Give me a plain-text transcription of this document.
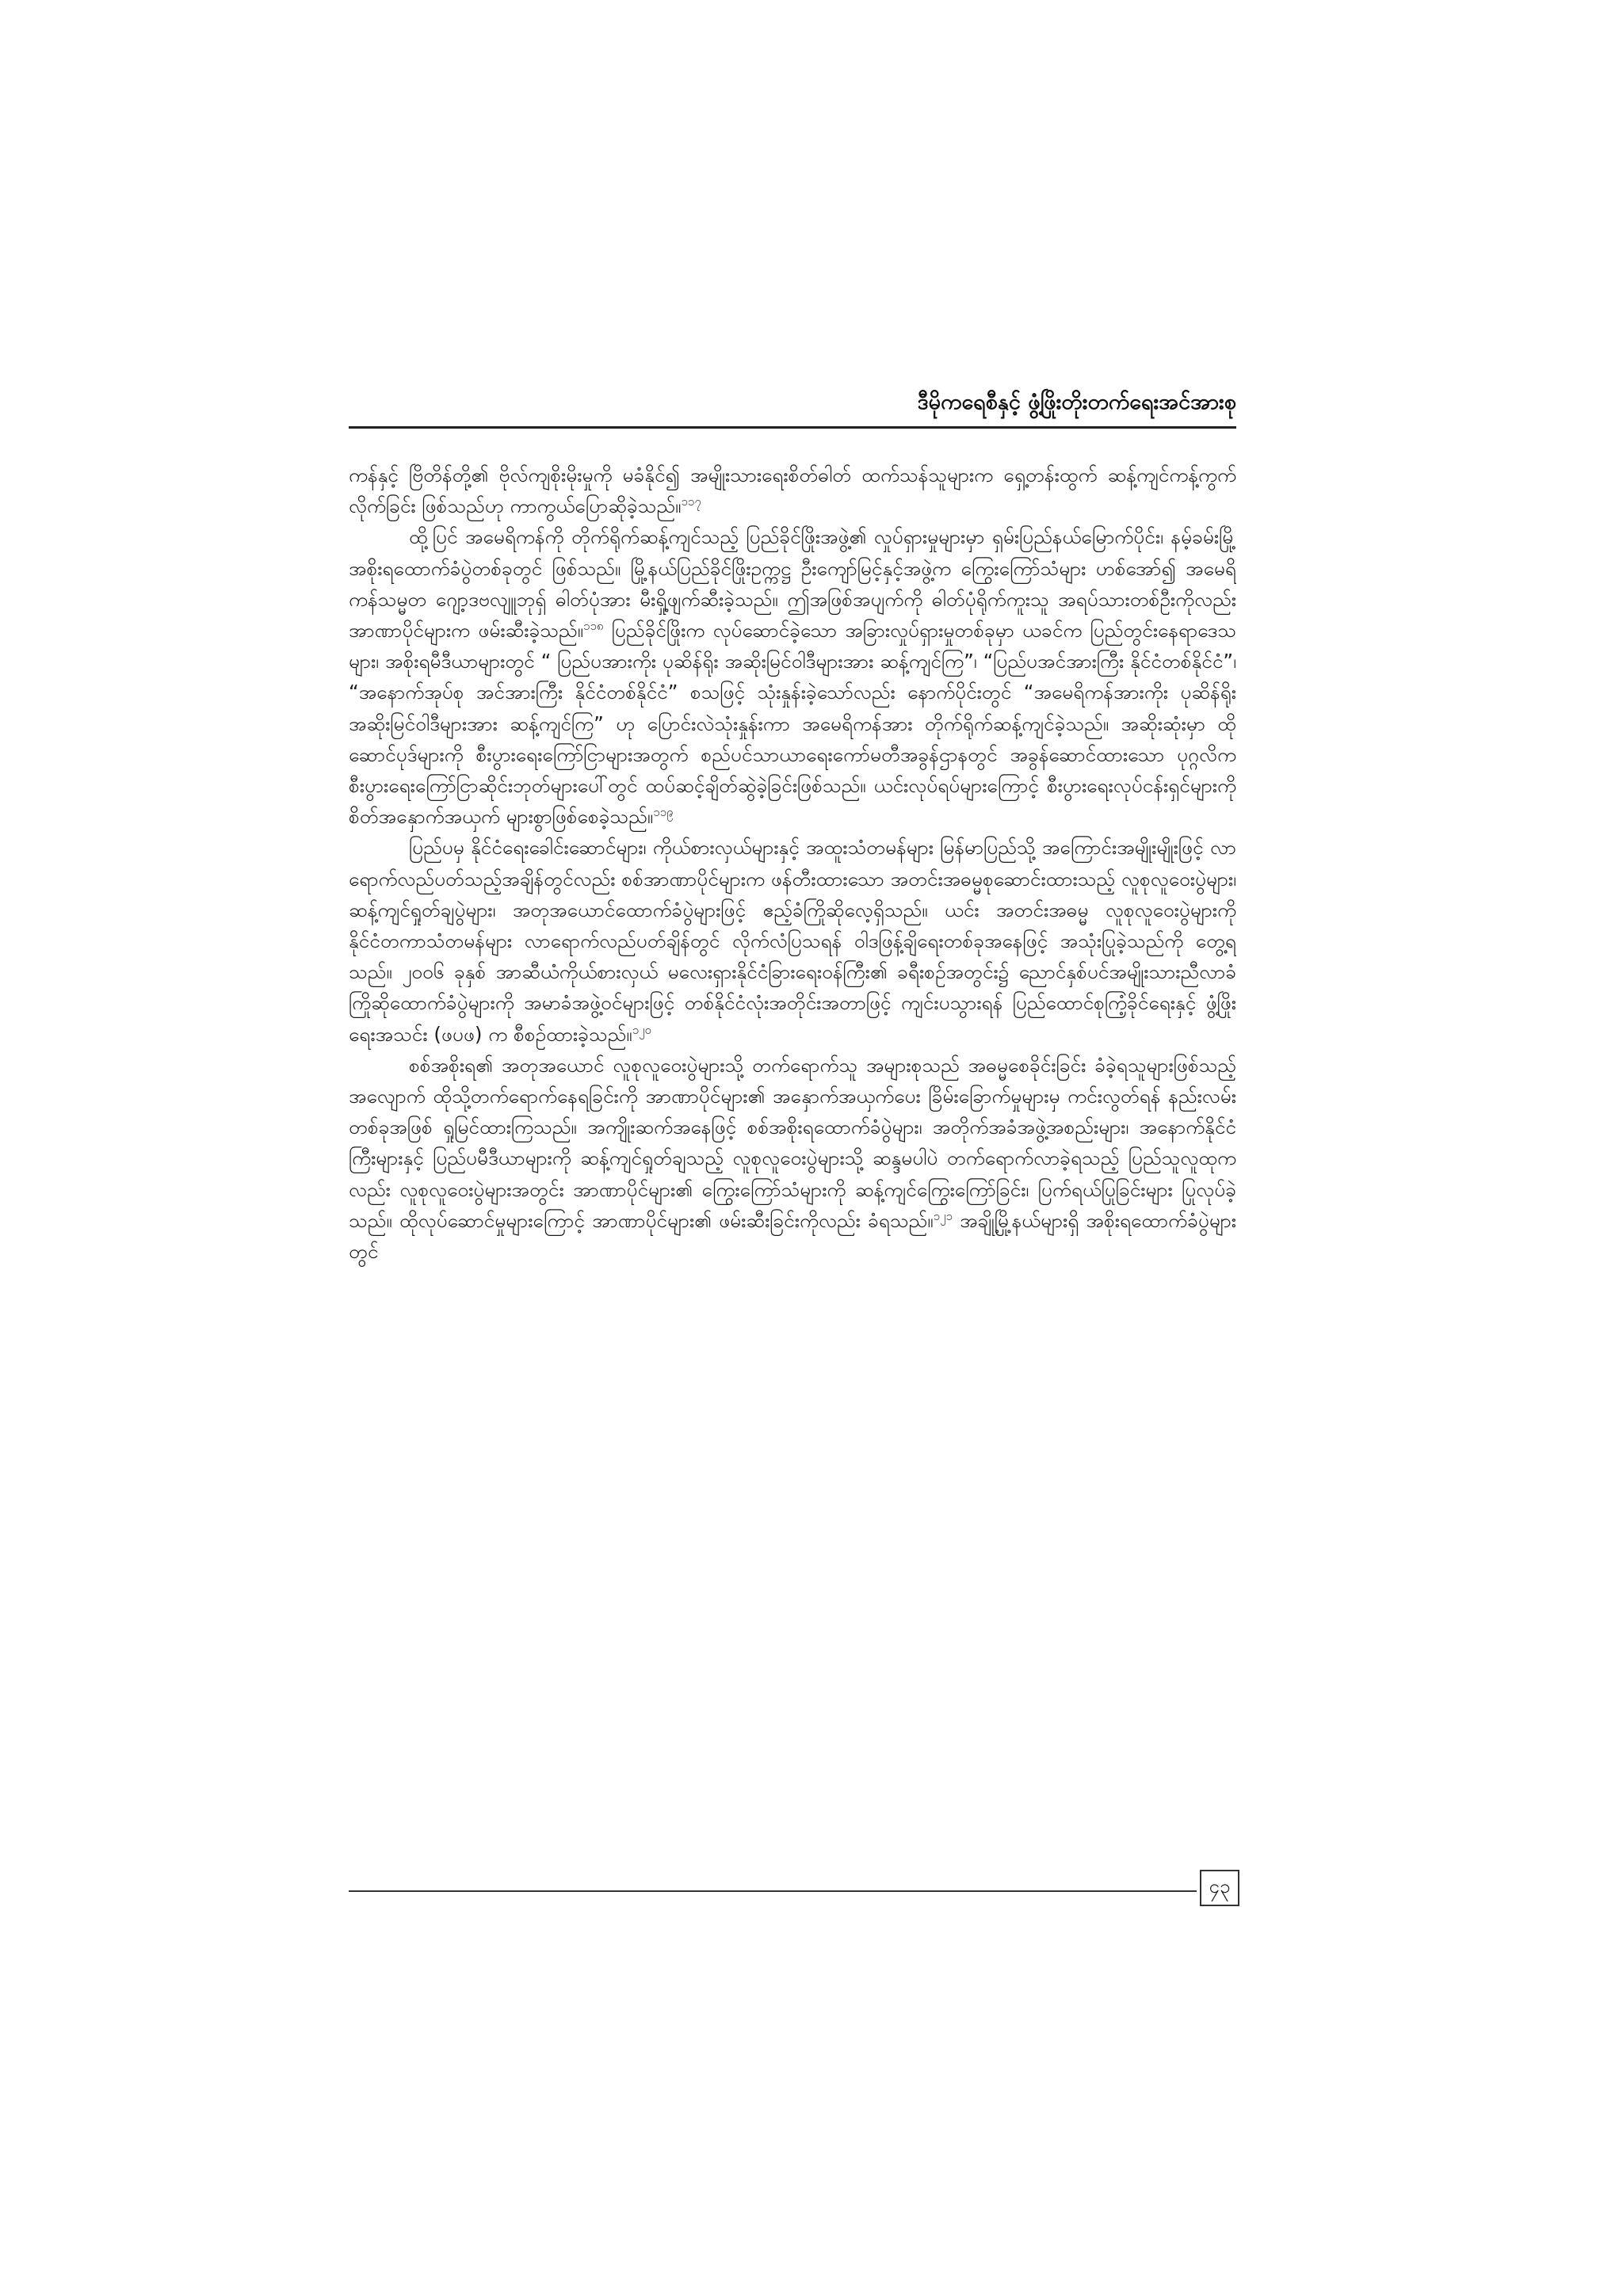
ဒီမိုကရေစီနှင့် ဖွံ့ဖြိုးတိုးတက်ရေးအင်အားစု

ကန်နှင့် ဗြိတိန်တို့၏ ဗိုလ်ကျစိုးမိုးမှုကို မခံနိုင်၍ အမျိုးသားရေးစိတ်ဓါတ် ထက်သန်သူများက ရှေ့တန်းထွက် ဆန့်ကျင်ကန့်ကွက်လိုက်ခြင်း ဖြစ်သည်ဟု ကာကွယ်ပြောဆိုခဲ့သည်။$^{၁၁၇}$

ထို့ပြင် အမေရိကန်ကို တိုက်ရိုက်ဆန့်ကျင်သည့် ပြည်ခိုင်ဖြိုးအဖွဲ့၏ လှုပ်ရှားမှုများမှာ ရှမ်းပြည်နယ်မြောက်ပိုင်း၊ နမ့်ခမ်းမြို့ အစိုးရထောက်ခံပွဲတစ်ခုတွင် ဖြစ်သည်။ မြို့နယ်ပြည်ခိုင်ဖြိုးဥက္ကဋ္ဌ ဦးကျော်မြင့်နှင့်အဖွဲ့က ကြွေးကြော်သံများ ဟစ်အော်၍ အမေရိကန်သမ္မတ ဂျော့ဒဗလျူဘုရှ် ဓါတ်ပုံအား မီးရှို့ဖျက်ဆီးခဲ့သည်။ ဤအဖြစ်အပျက်ကို ဓါတ်ပုံရိုက်ကူးသူ အရပ်သားတစ်ဦးကိုလည်း အာဏာပိုင်များက ဖမ်းဆီးခဲ့သည်။$^{၁၁၈}$ ပြည်ခိုင်ဖြိုးက လုပ်ဆောင်ခဲ့သော အခြားလှုပ်ရှားမှုတစ်ခုမှာ ယခင်က ပြည်တွင်းနေရာဒေသများ၊ အစိုးရမီဒီယာများတွင် “ ပြည်ပအားကိုး ပုဆိန်ရိုး အဆိုးမြင်ဝါဒီများအား ဆန့်ကျင်ကြ”၊ “ပြည်ပအင်အားကြီး နိုင်ငံတစ်နိုင်ငံ”၊ “အနောက်အုပ်စု အင်အားကြီး နိုင်ငံတစ်နိုင်ငံ” စသဖြင့် သုံးနှုန်းခဲ့သော်လည်း နောက်ပိုင်းတွင် “အမေရိကန်အားကိုး ပုဆိန်ရိုး အဆိုးမြင်ဝါဒီများအား ဆန့်ကျင်ကြ” ဟု ပြောင်းလဲသုံးနှုန်းကာ အမေရိကန်အား တိုက်ရိုက်ဆန့်ကျင်ခဲ့သည်။ အဆိုးဆုံးမှာ ထိုဆောင်ပုဒ်များကို စီးပွားရေးကြော်ငြာများအတွက် စည်ပင်သာယာရေးကော်မတီအခွန်ဌာနတွင် အခွန်ဆောင်ထားသော ပုဂ္ဂလိကစီးပွားရေးကြော်ငြာဆိုင်းဘုတ်များပေါ်တွင် ထပ်ဆင့်ချိတ်ဆွဲခဲ့ခြင်းဖြစ်သည်။ ယင်းလုပ်ရပ်များကြောင့် စီးပွားရေးလုပ်ငန်းရှင်များကို စိတ်အနှောက်အယှက် များစွာဖြစ်စေခဲ့သည်။$^{၁၁၉}$

ပြည်ပမှ နိုင်ငံရေးခေါင်းဆောင်များ၊ ကိုယ်စားလှယ်များနှင့် အထူးသံတမန်များ မြန်မာပြည်သို့ အကြောင်းအမျိုးမျိုးဖြင့် လာရောက်လည်ပတ်သည့်အချိန်တွင်လည်း စစ်အာဏာပိုင်များက ဖန်တီးထားသော အတင်းအဓမ္မစုဆောင်းထားသည့် လူစုလူဝေးပွဲများ၊ ဆန့်ကျင်ရှုတ်ချပွဲများ၊ အတုအယောင်ထောက်ခံပွဲများဖြင့် ဧည့်ခံကြိုဆိုလေ့ရှိသည်။ ယင်း အတင်းအဓမ္မ လူစုလူဝေးပွဲများကို နိုင်ငံတကာသံတမန်များ လာရောက်လည်ပတ်ချိန်တွင် လိုက်လံပြသရန် ဝါဒဖြန့်ချိရေးတစ်ခုအနေဖြင့် အသုံးပြုခဲ့သည်ကို တွေ့ရသည်။ ၂၀၀၆ ခုနှစ် အာဆီယံကိုယ်စားလှယ် မလေးရှားနိုင်ငံခြားရေးဝန်ကြီး၏ ခရီးစဉ်အတွင်း၌ ညောင်နှစ်ပင်အမျိုးသားညီလာခံ ကြိုဆိုထောက်ခံပွဲများကို အမာခံအဖွဲ့ဝင်များဖြင့် တစ်နိုင်ငံလုံးအတိုင်းအတာဖြင့် ကျင်းပသွားရန် ပြည်ထောင်စုကြံ့ခိုင်ရေးနှင့် ဖွံ့ဖြိုးရေးအသင်း (ဖပဖ) က စီစဉ်ထားခဲ့သည်။$^{၁၂၀}$

စစ်အစိုးရ၏ အတုအယောင် လူစုလူဝေးပွဲများသို့ တက်ရောက်သူ အများစုသည် အဓမ္မစေခိုင်းခြင်း ခံခဲ့ရသူများဖြစ်သည့်အလျောက် ထိုသို့တက်ရောက်နေရခြင်းကို အာဏာပိုင်များ၏ အနှောက်အယှက်ပေး ခြိမ်းခြောက်မှုများမှ ကင်းလွတ်ရန် နည်းလမ်းတစ်ခုအဖြစ် ရှုမြင်ထားကြသည်။ အကျိုးဆက်အနေဖြင့် စစ်အစိုးရထောက်ခံပွဲများ၊ အတိုက်အခံအဖွဲ့အစည်းများ၊ အနောက်နိုင်ငံကြီးများနှင့် ပြည်ပမီဒီယာများကို ဆန့်ကျင်ရှုတ်ချသည့် လူစုလူဝေးပွဲများသို့ ဆန္ဒမပါပဲ တက်ရောက်လာခဲ့ရသည့် ပြည်သူလူထုကလည်း လူစုလူဝေးပွဲများအတွင်း အာဏာပိုင်များ၏ ကြွေးကြော်သံများကို ဆန့်ကျင်ကြွေးကြော်ခြင်း၊ ပြက်ရယ်ပြုခြင်းများ ပြုလုပ်ခဲ့သည်။ ထိုလုပ်ဆောင်မှုများကြောင့် အာဏာပိုင်များ၏ ဖမ်းဆီးခြင်းကိုလည်း ခံရသည်။$^{၁၂၁}$ အချို့မြို့နယ်များရှိ အစိုးရထောက်ခံပွဲများတွင်

၄၃
